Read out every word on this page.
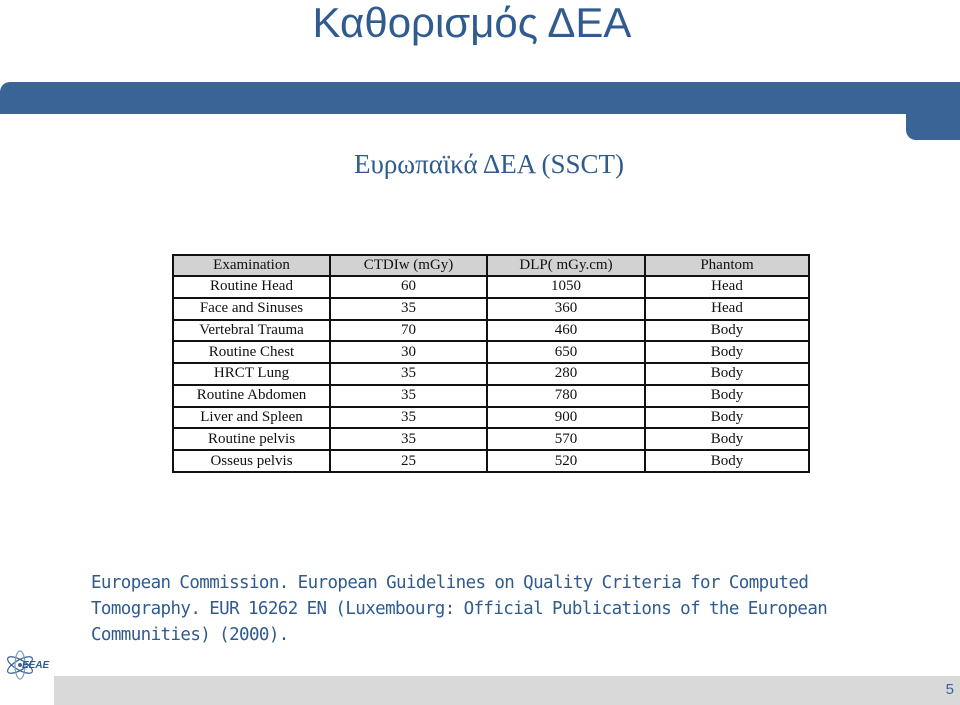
Καθορισμός ΔΕΑ
Ευρωπαϊκά ΔΕΑ (SSCT)
Examination	CTDIw (mGy)	DLP( mGy.cm)	Phantom
Routine Head	60	1050	Head
Face and Sinuses	35	360	Head
Vertebral Trauma	70	460	Body
Routine Chest	30	650	Body
HRCT Lung	35	280	Body
Routine Abdomen	35	780	Body
Liver and Spleen	35	900	Body
Routine pelvis	35	570	Body
Osseus pelvis	25	520	Body
European Commission. European Guidelines on Quality Criteria for Computed
Tomography. EUR 16262 EN (Luxembourg: Official Publications of the European
Communities) (2000).
ΕΕΑΕ
5
